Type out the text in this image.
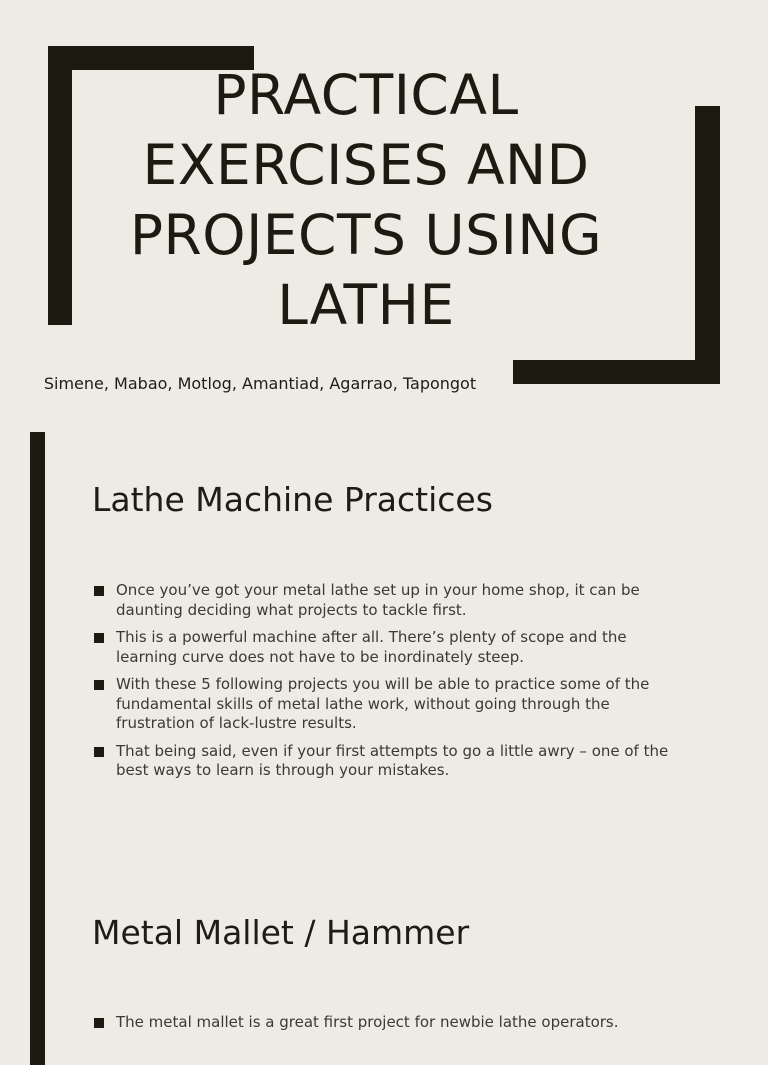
PRACTICAL EXERCISES AND PROJECTS USING LATHE
Simene, Mabao, Motlog, Amantiad, Agarrao, Tapongot
Lathe Machine Practices
Once you’ve got your metal lathe set up in your home shop, it can be daunting deciding what projects to tackle first.
This is a powerful machine after all. There’s plenty of scope and the learning curve does not have to be inordinately steep.
With these 5 following projects you will be able to practice some of the fundamental skills of metal lathe work, without going through the frustration of lack-lustre results.
That being said, even if your first attempts to go a little awry – one of the best ways to learn is through your mistakes.
Metal Mallet / Hammer
The metal mallet is a great first project for newbie lathe operators.
